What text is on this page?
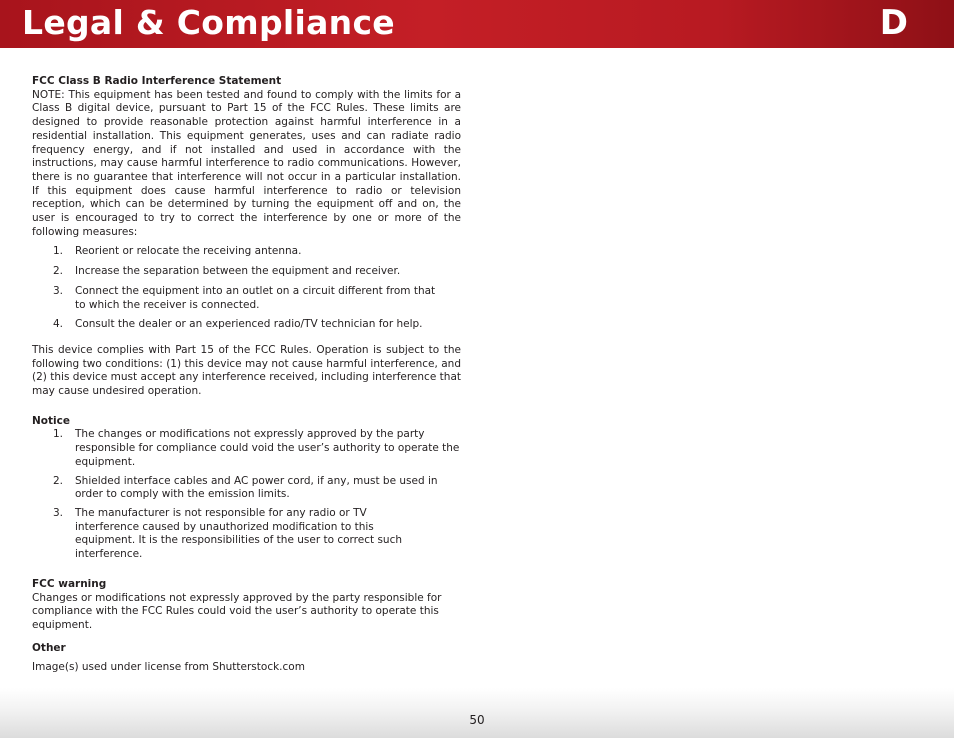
Legal & Compliance	D

FCC Class B Radio Interference Statement

NOTE: This equipment has been tested and found to comply with the limits for a Class B digital device, pursuant to Part 15 of the FCC Rules. These limits are designed to provide reasonable protection against harmful interference in a residential installation. This equipment generates, uses and can radiate radio frequency energy, and if not installed and used in accordance with the instructions, may cause harmful interference to radio communications. However, there is no guarantee that interference will not occur in a particular installation. If this equipment does cause harmful interference to radio or television reception, which can be determined by turning the equipment off and on, the user is encouraged to try to correct the interference by one or more of the following measures:

1.	Reorient or relocate the receiving antenna.
2.	Increase the separation between the equipment and receiver.
3.	Connect the equipment into an outlet on a circuit different from that to which the receiver is connected.
4.	Consult the dealer or an experienced radio/TV technician for help.

This device complies with Part 15 of the FCC Rules. Operation is subject to the following two conditions: (1) this device may not cause harmful interference, and (2) this device must accept any interference received, including interference that may cause undesired operation.

Notice

1.	The changes or modifications not expressly approved by the party responsible for compliance could void the user’s authority to operate the equipment.
2.	Shielded interface cables and AC power cord, if any, must be used in order to comply with the emission limits.
3.	The manufacturer is not responsible for any radio or TV interference caused by unauthorized modification to this equipment. It is the responsibilities of the user to correct such interference.

FCC warning

Changes or modifications not expressly approved by the party responsible for compliance with the FCC Rules could void the user’s authority to operate this equipment.

Other

Image(s) used under license from Shutterstock.com

50
